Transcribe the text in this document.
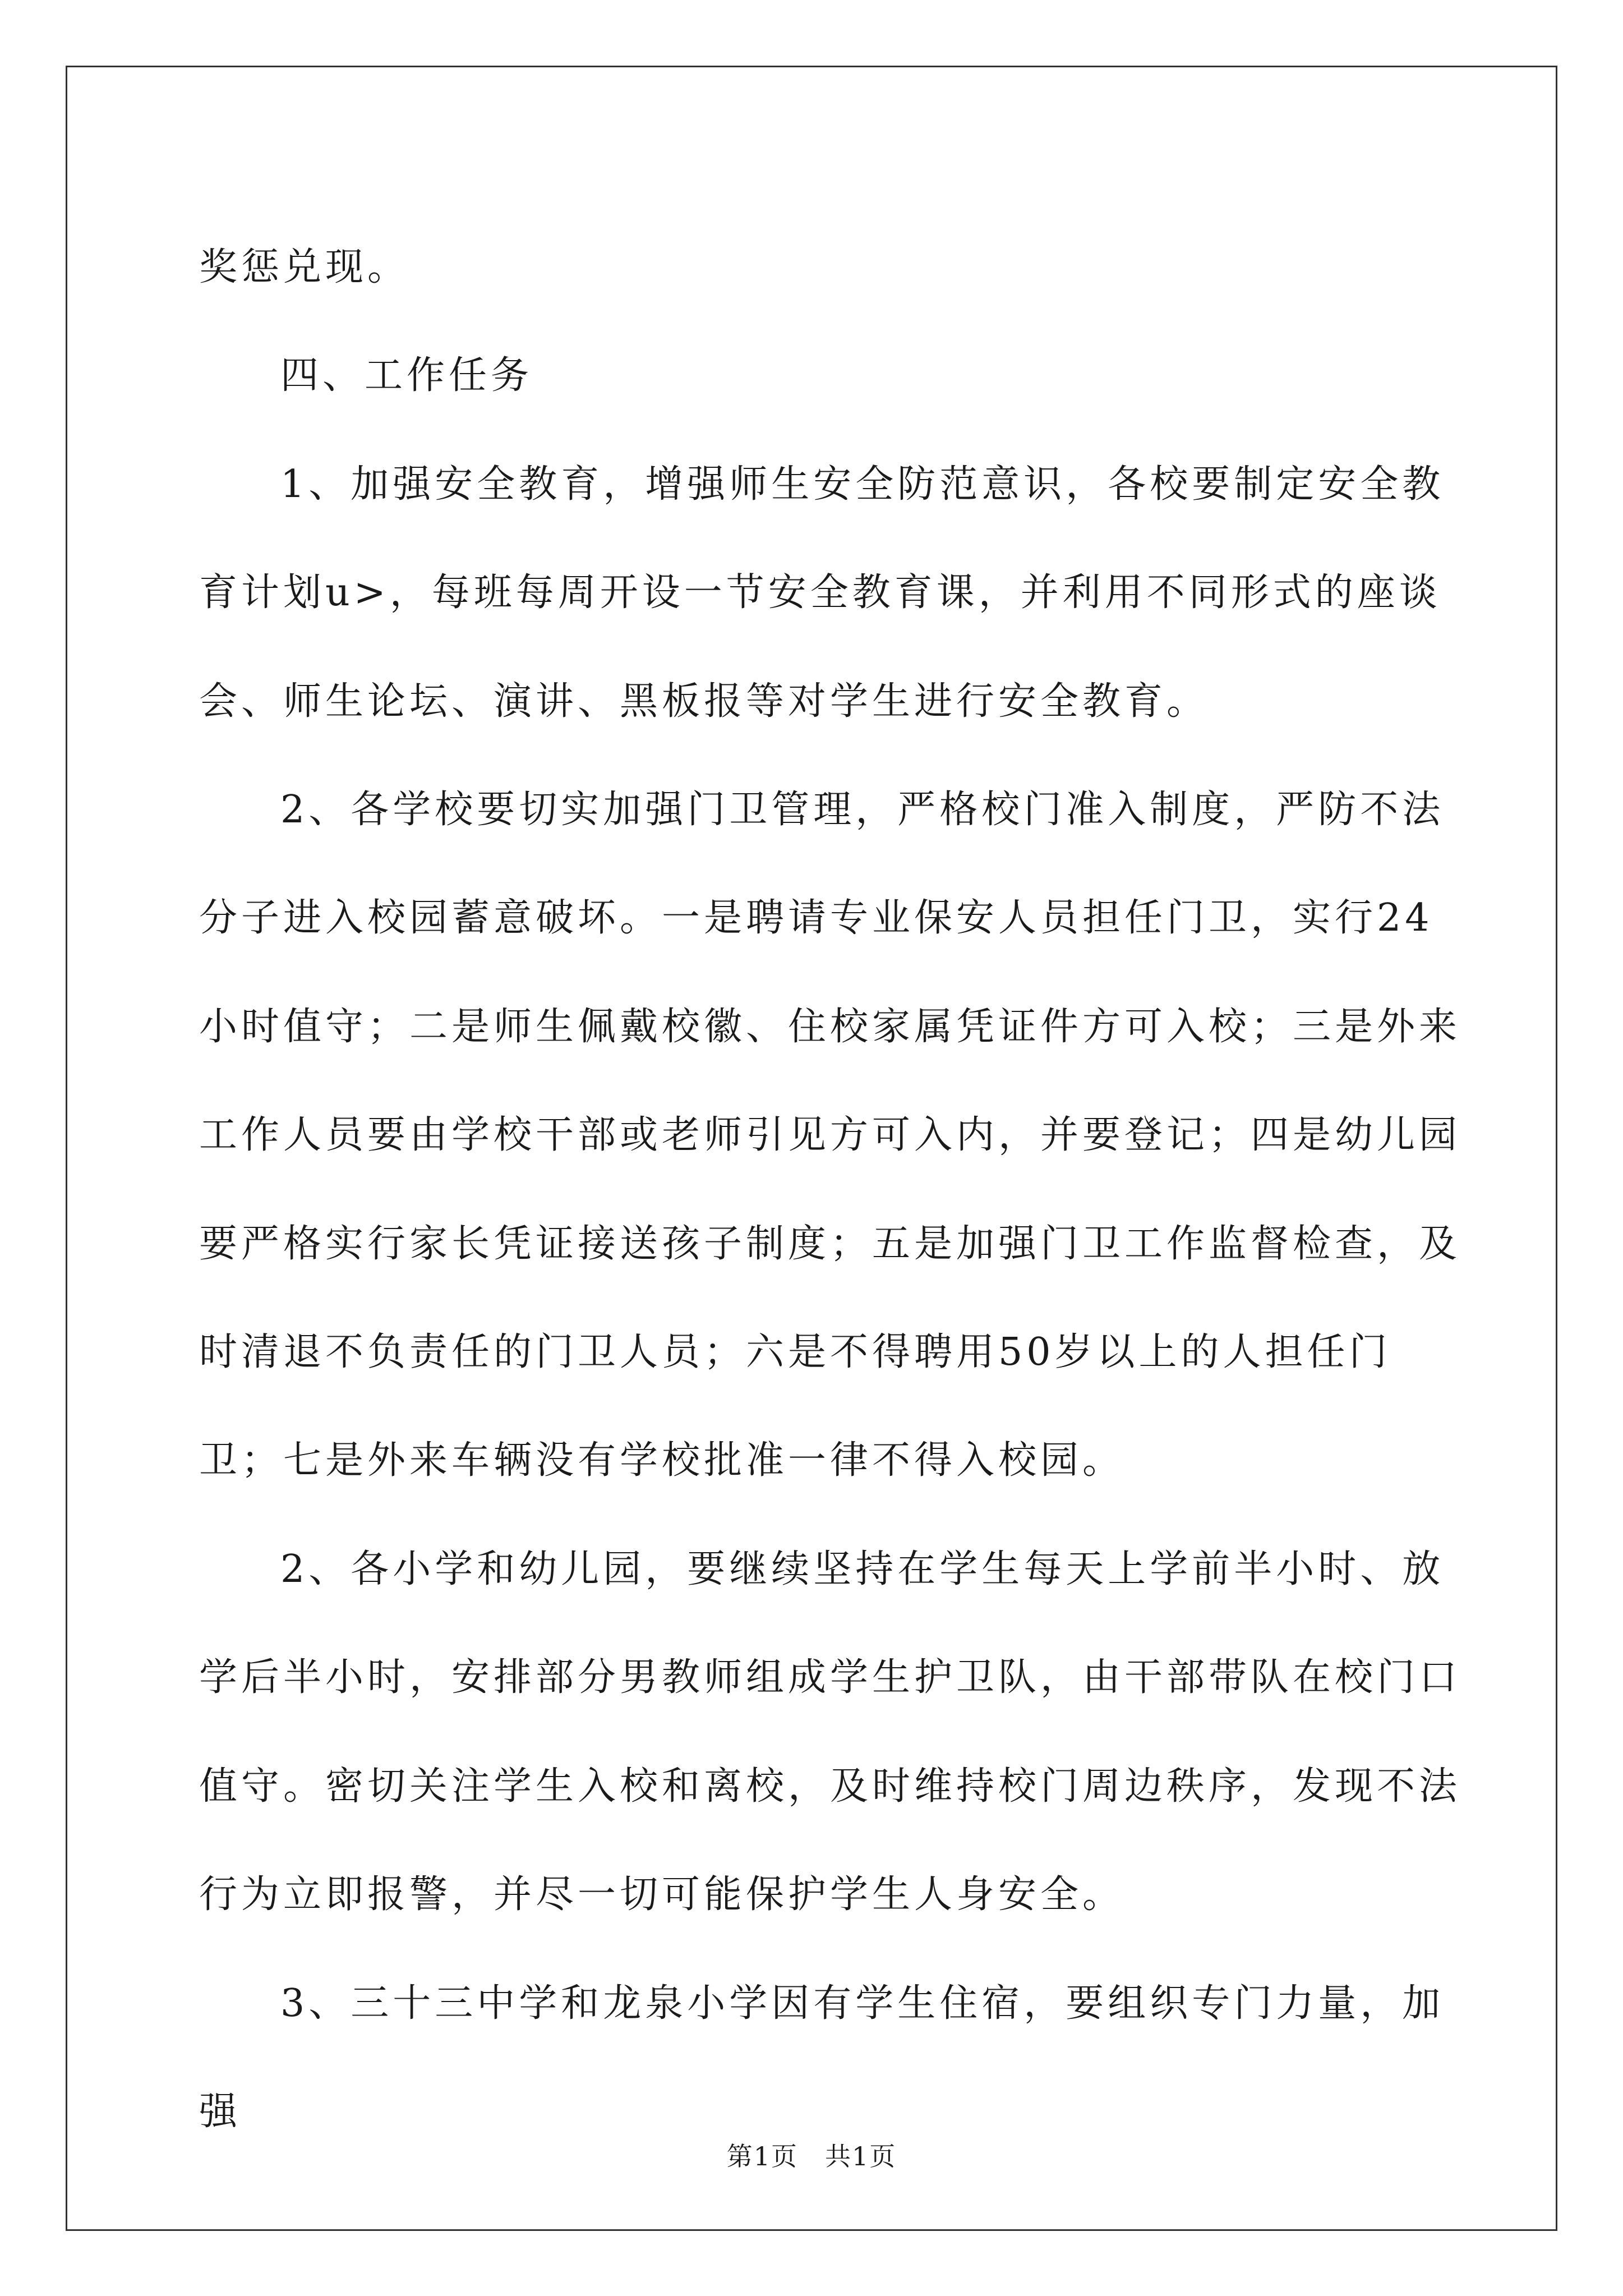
奖惩兑现。

四、工作任务

1、加强安全教育，增强师生安全防范意识，各校要制定安全教育计划u>，每班每周开设一节安全教育课，并利用不同形式的座谈会、师生论坛、演讲、黑板报等对学生进行安全教育。

2、各学校要切实加强门卫管理，严格校门准入制度，严防不法分子进入校园蓄意破坏。一是聘请专业保安人员担任门卫，实行24小时值守；二是师生佩戴校徽、住校家属凭证件方可入校；三是外来工作人员要由学校干部或老师引见方可入内，并要登记；四是幼儿园要严格实行家长凭证接送孩子制度；五是加强门卫工作监督检查，及时清退不负责任的门卫人员；六是不得聘用50岁以上的人担任门卫；七是外来车辆没有学校批准一律不得入校园。

2、各小学和幼儿园，要继续坚持在学生每天上学前半小时、放学后半小时，安排部分男教师组成学生护卫队，由干部带队在校门口值守。密切关注学生入校和离校，及时维持校门周边秩序，发现不法行为立即报警，并尽一切可能保护学生人身安全。

3、三十三中学和龙泉小学因有学生住宿，要组织专门力量，加强

第1页　共1页
